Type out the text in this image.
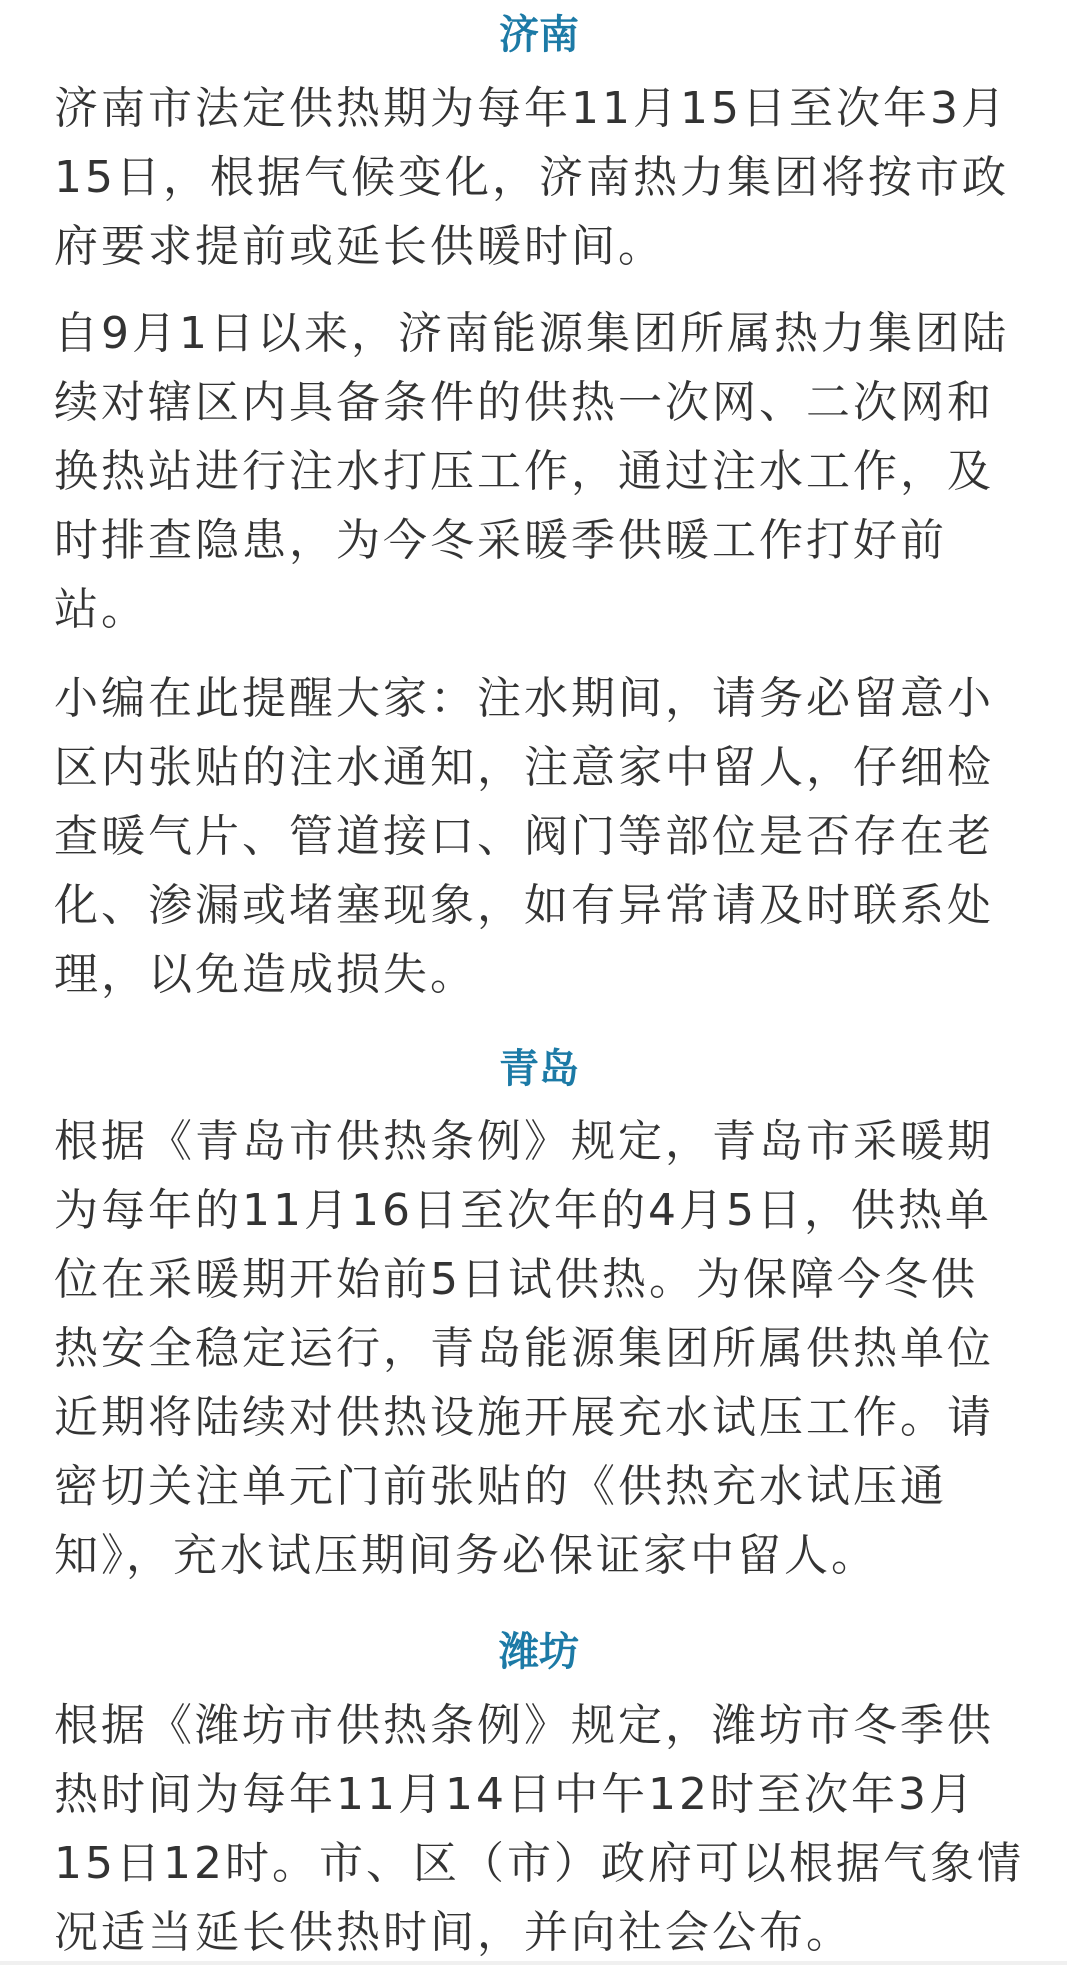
济南

济南市法定供热期为每年11月15日至次年3月15日，根据气候变化，济南热力集团将按市政府要求提前或延长供暖时间。

自9月1日以来，济南能源集团所属热力集团陆续对辖区内具备条件的供热一次网、二次网和换热站进行注水打压工作，通过注水工作，及时排查隐患，为今冬采暖季供暖工作打好前站。

小编在此提醒大家：注水期间，请务必留意小区内张贴的注水通知，注意家中留人，仔细检查暖气片、管道接口、阀门等部位是否存在老化、渗漏或堵塞现象，如有异常请及时联系处理，以免造成损失。

青岛

根据《青岛市供热条例》规定，青岛市采暖期为每年的11月16日至次年的4月5日，供热单位在采暖期开始前5日试供热。为保障今冬供热安全稳定运行，青岛能源集团所属供热单位近期将陆续对供热设施开展充水试压工作。请密切关注单元门前张贴的《供热充水试压通知》，充水试压期间务必保证家中留人。

潍坊

根据《潍坊市供热条例》规定，潍坊市冬季供热时间为每年11月14日中午12时至次年3月15日12时。市、区（市）政府可以根据气象情况适当延长供热时间，并向社会公布。
